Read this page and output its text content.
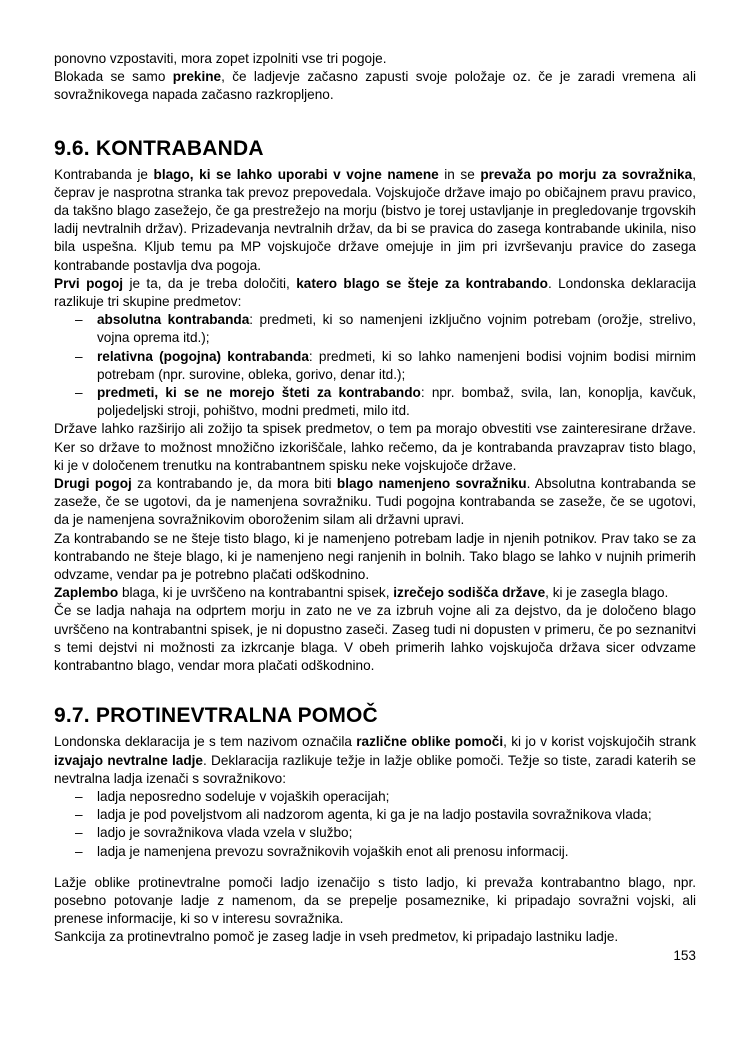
ponovno vzpostaviti, mora zopet izpolniti vse tri pogoje.

Blokada se samo prekine, če ladjevje začasno zapusti svoje položaje oz. če je zaradi vremena ali sovražnikovega napada začasno razkropljeno.

9.6. KONTRABANDA

Kontrabanda je blago, ki se lahko uporabi v vojne namene in se prevaža po morju za sovražnika, čeprav je nasprotna stranka tak prevoz prepovedala. Vojskujoče države imajo po običajnem pravu pravico, da takšno blago zasežejo, če ga prestrežejo na morju (bistvo je torej ustavljanje in pregledovanje trgovskih ladij nevtralnih držav). Prizadevanja nevtralnih držav, da bi se pravica do zasega kontrabande ukinila, niso bila uspešna. Kljub temu pa MP vojskujoče države omejuje in jim pri izvrševanju pravice do zasega kontrabande postavlja dva pogoja.

Prvi pogoj je ta, da je treba določiti, katero blago se šteje za kontrabando. Londonska deklaracija razlikuje tri skupine predmetov:

–	absolutna kontrabanda: predmeti, ki so namenjeni izključno vojnim potrebam (orožje, strelivo, vojna oprema itd.);
–	relativna (pogojna) kontrabanda: predmeti, ki so lahko namenjeni bodisi vojnim bodisi mirnim potrebam (npr. surovine, obleka, gorivo, denar itd.);
–	predmeti, ki se ne morejo šteti za kontrabando: npr. bombaž, svila, lan, konoplja, kavčuk, poljedeljski stroji, pohištvo, modni predmeti, milo itd.

Države lahko razširijo ali zožijo ta spisek predmetov, o tem pa morajo obvestiti vse zainteresirane države. Ker so države to možnost množično izkoriščale, lahko rečemo, da je kontrabanda pravzaprav tisto blago, ki je v določenem trenutku na kontrabantnem spisku neke vojskujoče države.

Drugi pogoj za kontrabando je, da mora biti blago namenjeno sovražniku. Absolutna kontrabanda se zaseže, če se ugotovi, da je namenjena sovražniku. Tudi pogojna kontrabanda se zaseže, če se ugotovi, da je namenjena sovražnikovim oboroženim silam ali državni upravi.

Za kontrabando se ne šteje tisto blago, ki je namenjeno potrebam ladje in njenih potnikov. Prav tako se za kontrabando ne šteje blago, ki je namenjeno negi ranjenih in bolnih. Tako blago se lahko v nujnih primerih odvzame, vendar pa je potrebno plačati odškodnino.

Zaplembo blaga, ki je uvrščeno na kontrabantni spisek, izrečejo sodišča države, ki je zasegla blago.

Če se ladja nahaja na odprtem morju in zato ne ve za izbruh vojne ali za dejstvo, da je določeno blago uvrščeno na kontrabantni spisek, je ni dopustno zaseči. Zaseg tudi ni dopusten v primeru, če po seznanitvi s temi dejstvi ni možnosti za izkrcanje blaga. V obeh primerih lahko vojskujoča država sicer odvzame kontrabantno blago, vendar mora plačati odškodnino.

9.7. PROTINEVTRALNA POMOČ

Londonska deklaracija je s tem nazivom označila različne oblike pomoči, ki jo v korist vojskujočih strank izvajajo nevtralne ladje. Deklaracija razlikuje težje in lažje oblike pomoči. Težje so tiste, zaradi katerih se nevtralna ladja izenači s sovražnikovo:

–	ladja neposredno sodeluje v vojaških operacijah;
–	ladja je pod poveljstvom ali nadzorom agenta, ki ga je na ladjo postavila sovražnikova vlada;
–	ladjo je sovražnikova vlada vzela v službo;
–	ladja je namenjena prevozu sovražnikovih vojaških enot ali prenosu informacij.

Lažje oblike protinevtralne pomoči ladjo izenačijo s tisto ladjo, ki prevaža kontrabantno blago, npr. posebno potovanje ladje z namenom, da se prepelje posameznike, ki pripadajo sovražni vojski, ali prenese informacije, ki so v interesu sovražnika.

Sankcija za protinevtralno pomoč je zaseg ladje in vseh predmetov, ki pripadajo lastniku ladje.

153
